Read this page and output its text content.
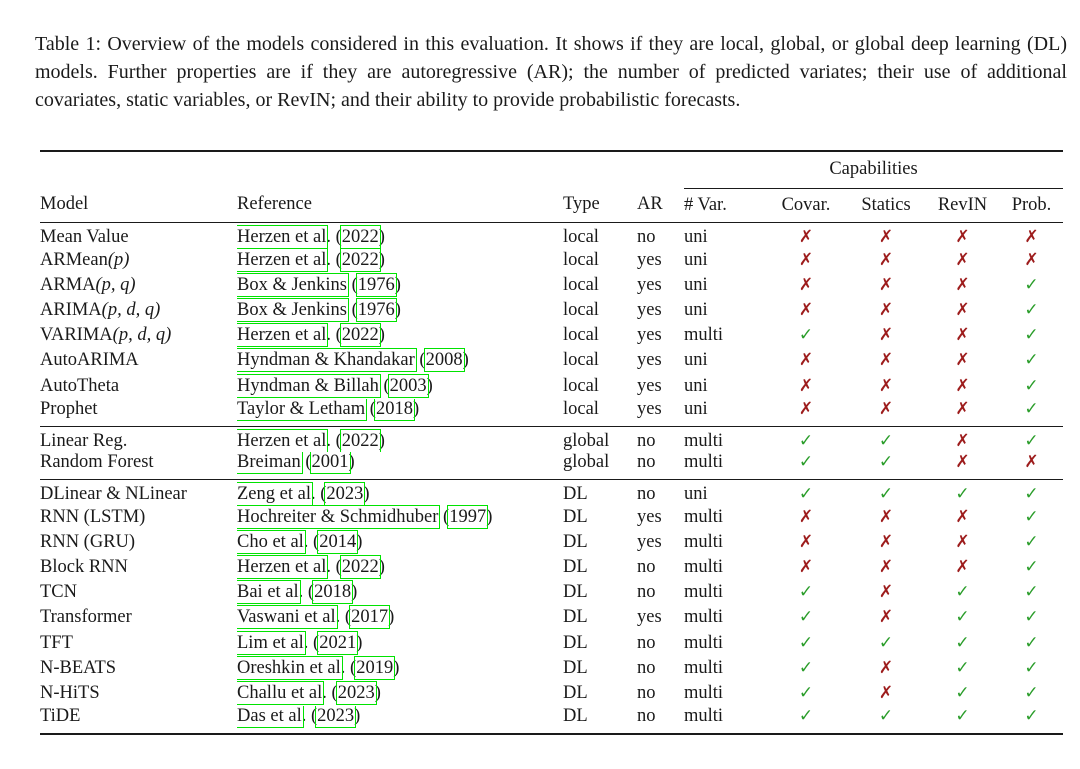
Table 1: Overview of the models considered in this evaluation. It shows if they are local, global, or global deep learning (DL) models. Further properties are if they are autoregressive (AR); the number of predicted variates; their use of additional covariates, static variables, or RevIN; and their ability to provide probabilistic forecasts.
				Capabilities				
Model	Reference	Type	AR	# Var.	Covar.	Statics	RevIN	Prob.
Mean Value	Herzen et al. (2022)	local	no	uni	✗	✗	✗	✗
ARMean(p)	Herzen et al. (2022)	local	yes	uni	✗	✗	✗	✗
ARMA(p, q)	Box & Jenkins (1976)	local	yes	uni	✗	✗	✗	✓
ARIMA(p, d, q)	Box & Jenkins (1976)	local	yes	uni	✗	✗	✗	✓
VARIMA(p, d, q)	Herzen et al. (2022)	local	yes	multi	✓	✗	✗	✓
AutoARIMA	Hyndman & Khandakar (2008)	local	yes	uni	✗	✗	✗	✓
AutoTheta	Hyndman & Billah (2003)	local	yes	uni	✗	✗	✗	✓
Prophet	Taylor & Letham (2018)	local	yes	uni	✗	✗	✗	✓
Linear Reg.	Herzen et al. (2022)	global	no	multi	✓	✓	✗	✓
Random Forest	Breiman (2001)	global	no	multi	✓	✓	✗	✗
DLinear & NLinear	Zeng et al. (2023)	DL	no	uni	✓	✓	✓	✓
RNN (LSTM)	Hochreiter & Schmidhuber (1997)	DL	yes	multi	✗	✗	✗	✓
RNN (GRU)	Cho et al. (2014)	DL	yes	multi	✗	✗	✗	✓
Block RNN	Herzen et al. (2022)	DL	no	multi	✗	✗	✗	✓
TCN	Bai et al. (2018)	DL	no	multi	✓	✗	✓	✓
Transformer	Vaswani et al. (2017)	DL	yes	multi	✓	✗	✓	✓
TFT	Lim et al. (2021)	DL	no	multi	✓	✓	✓	✓
N-BEATS	Oreshkin et al. (2019)	DL	no	multi	✓	✗	✓	✓
N-HiTS	Challu et al. (2023)	DL	no	multi	✓	✗	✓	✓
TiDE	Das et al. (2023)	DL	no	multi	✓	✓	✓	✓
